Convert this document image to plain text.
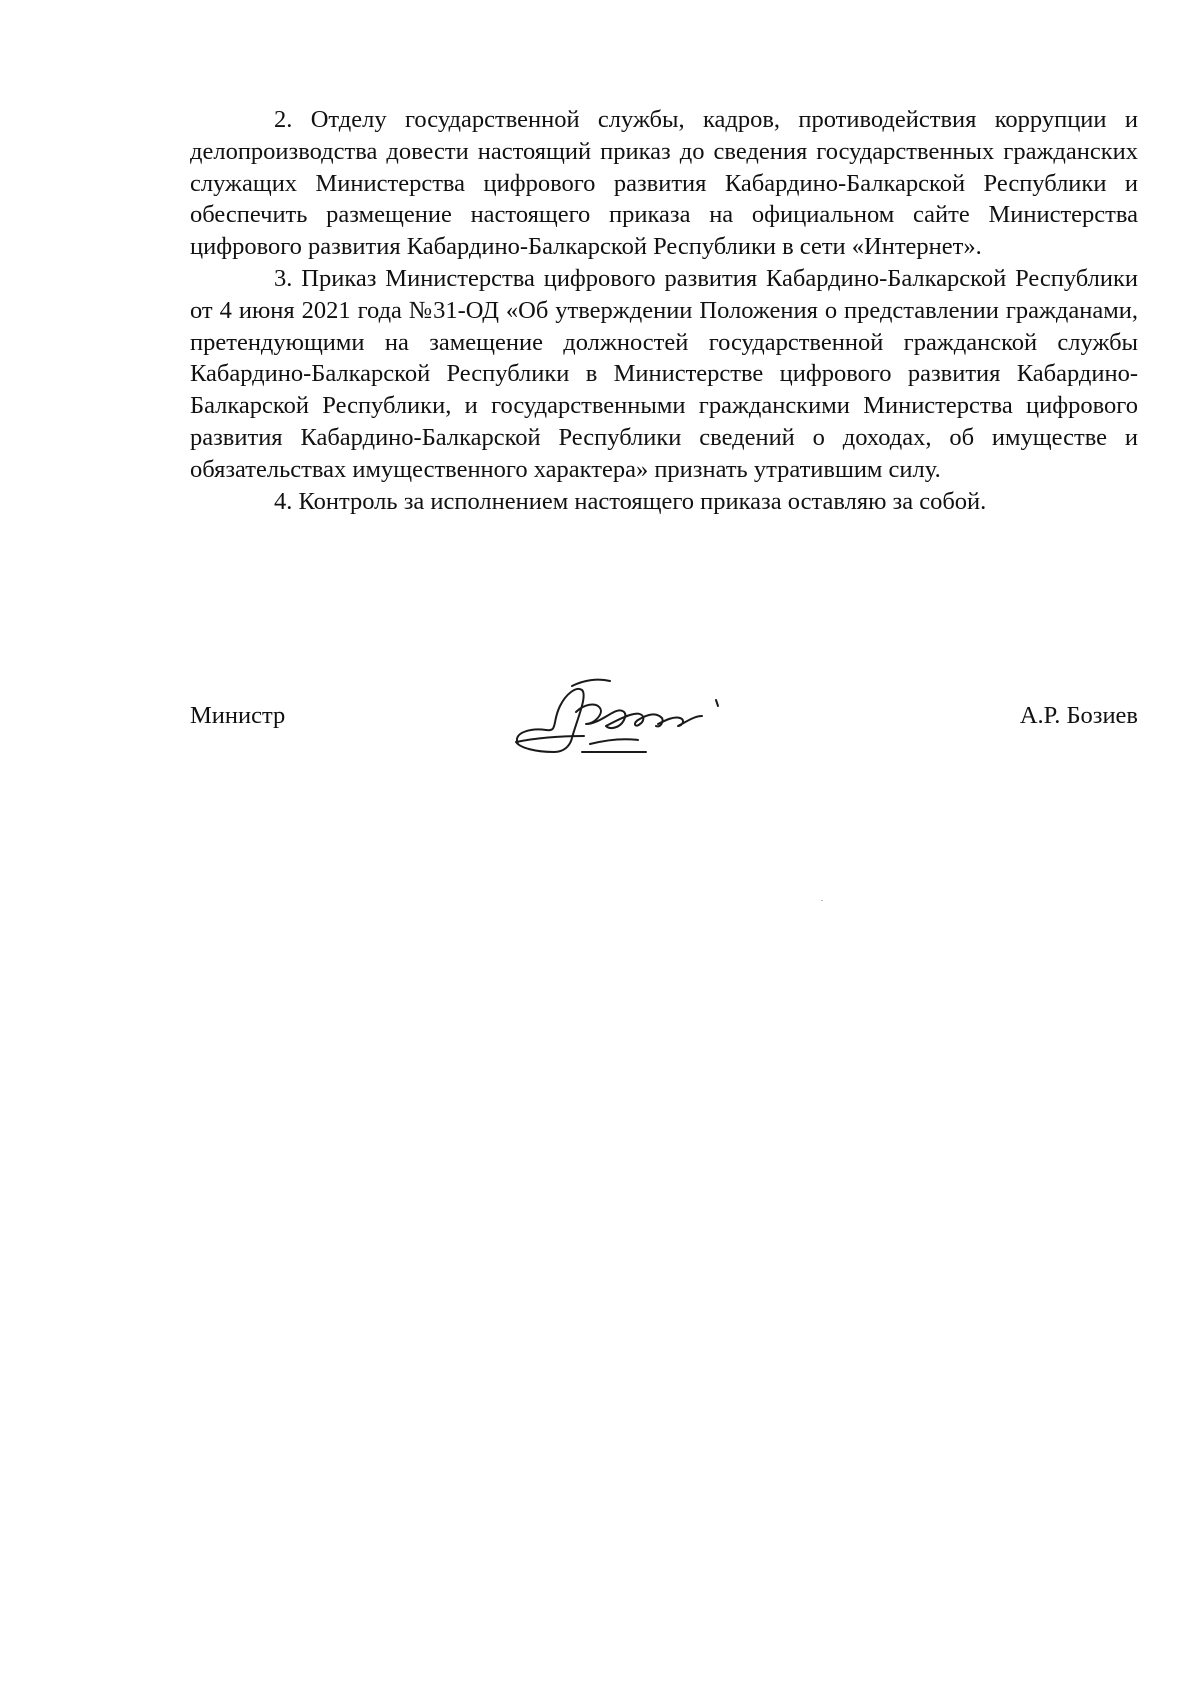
2. Отделу государственной службы, кадров, противодействия коррупции и делопроизводства довести настоящий приказ до сведения государственных гражданских служащих Министерства цифрового развития Кабардино-Балкарской Республики и обеспечить размещение настоящего приказа на официальном сайте Министерства цифрового развития Кабардино-Балкарской Республики в сети «Интернет».

3. Приказ Министерства цифрового развития Кабардино-Балкарской Республики от 4 июня 2021 года №31-ОД «Об утверждении Положения о представлении гражданами, претендующими на замещение должностей государственной гражданской службы Кабардино-Балкарской Республики в Министерстве цифрового развития Кабардино-Балкарской Республики, и государственными гражданскими Министерства цифрового развития Кабардино-Балкарской Республики сведений о доходах, об имуществе и обязательствах имущественного характера» признать утратившим силу.

4. Контроль за исполнением настоящего приказа оставляю за собой.

Министр	А.Р. Бозиев
